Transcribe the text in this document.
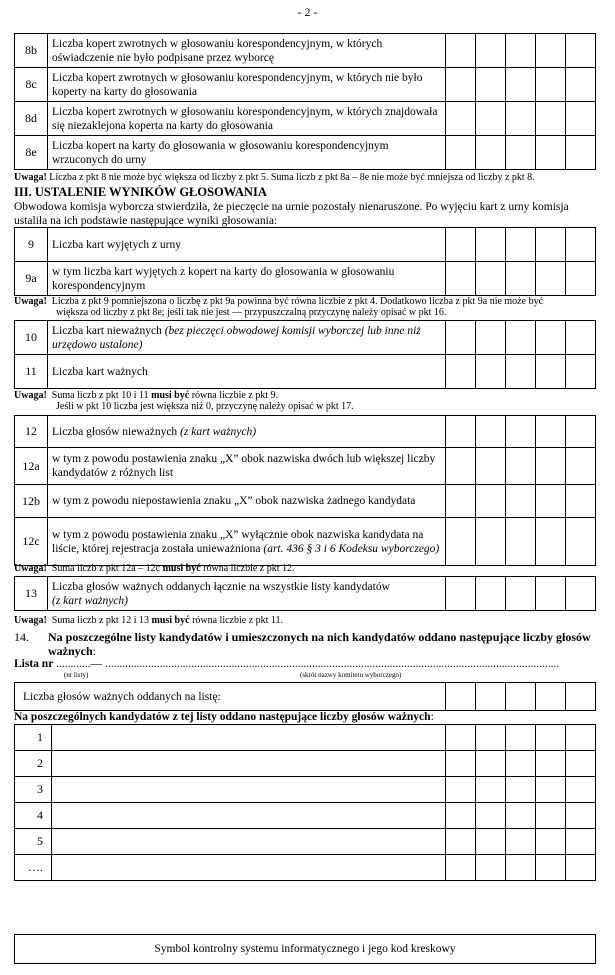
- 2 -
8b	Liczba kopert zwrotnych w głosowaniu korespondencyjnym, w których oświadczenie nie było podpisane przez wyborcę					
8c	Liczba kopert zwrotnych w głosowaniu korespondencyjnym, w których nie było koperty na karty do głosowania					
8d	Liczba kopert zwrotnych w głosowaniu korespondencyjnym, w których znajdowała się niezaklejona koperta na karty do głosowania					
8e	Liczba kopert na karty do głosowania w głosowaniu korespondencyjnym wrzuconych do urny					
Uwaga! Liczba z pkt 8 nie może być większa od liczby z pkt 5. Suma liczb z pkt 8a – 8e nie może być mniejsza od liczby z pkt 8.
III. USTALENIE WYNIKÓW GŁOSOWANIA
Obwodowa komisja wyborcza stwierdziła, że pieczęcie na urnie pozostały nienaruszone. Po wyjęciu kart z urny komisja ustaliła na ich podstawie następujące wyniki głosowania:
9	Liczba kart wyjętych z urny					
9a	w tym liczba kart wyjętych z kopert na karty do głosowania w głosowaniu korespondencyjnym					
Uwaga! Liczba z pkt 9 pomniejszona o liczbę z pkt 9a powinna być równa liczbie z pkt 4. Dodatkowo liczba z pkt 9a nie może być
większa od liczby z pkt 8e; jeśli tak nie jest — przypuszczalną przyczynę należy opisać w pkt 16.
10	Liczba kart nieważnych (bez pieczęci obwodowej komisji wyborczej lub inne niż urzędowo ustalone)					
11	Liczba kart ważnych					
Uwaga! Suma liczb z pkt 10 i 11 musi być równa liczbie z pkt 9.
Jeśli w pkt 10 liczba jest większa niż 0, przyczynę należy opisać w pkt 17.
12	Liczba głosów nieważnych (z kart ważnych)					
12a	w tym z powodu postawienia znaku „X” obok nazwiska dwóch lub większej liczby kandydatów z różnych list					
12b	w tym z powodu niepostawienia znaku „X” obok nazwiska żadnego kandydata					
12c	w tym z powodu postawienia znaku „X” wyłącznie obok nazwiska kandydata na liście, której rejestracja została unieważniona (art. 436 § 3 i 6 Kodeksu wyborczego)					
Uwaga! Suma liczb z pkt 12a – 12c musi być równa liczbie z pkt 12.
13	Liczba głosów ważnych oddanych łącznie na wszystkie listy kandydatów
(z kart ważnych)					
Uwaga! Suma liczb z pkt 12 i 13 musi być równa liczbie z pkt 11.
14.	Na poszczególne listy kandydatów i umieszczonych na nich kandydatów oddano następujące liczby głosów ważnych:
Lista nr ............— ..............................................................................................................................................................
(nr listy)	(skrót nazwy komitetu wyborczego)
Liczba głosów ważnych oddanych na listę:					
Na poszczególnych kandydatów z tej listy oddano następujące liczby głosów ważnych:
1						
2						
3						
4						
5						
….						
Symbol kontrolny systemu informatycznego i jego kod kreskowy
